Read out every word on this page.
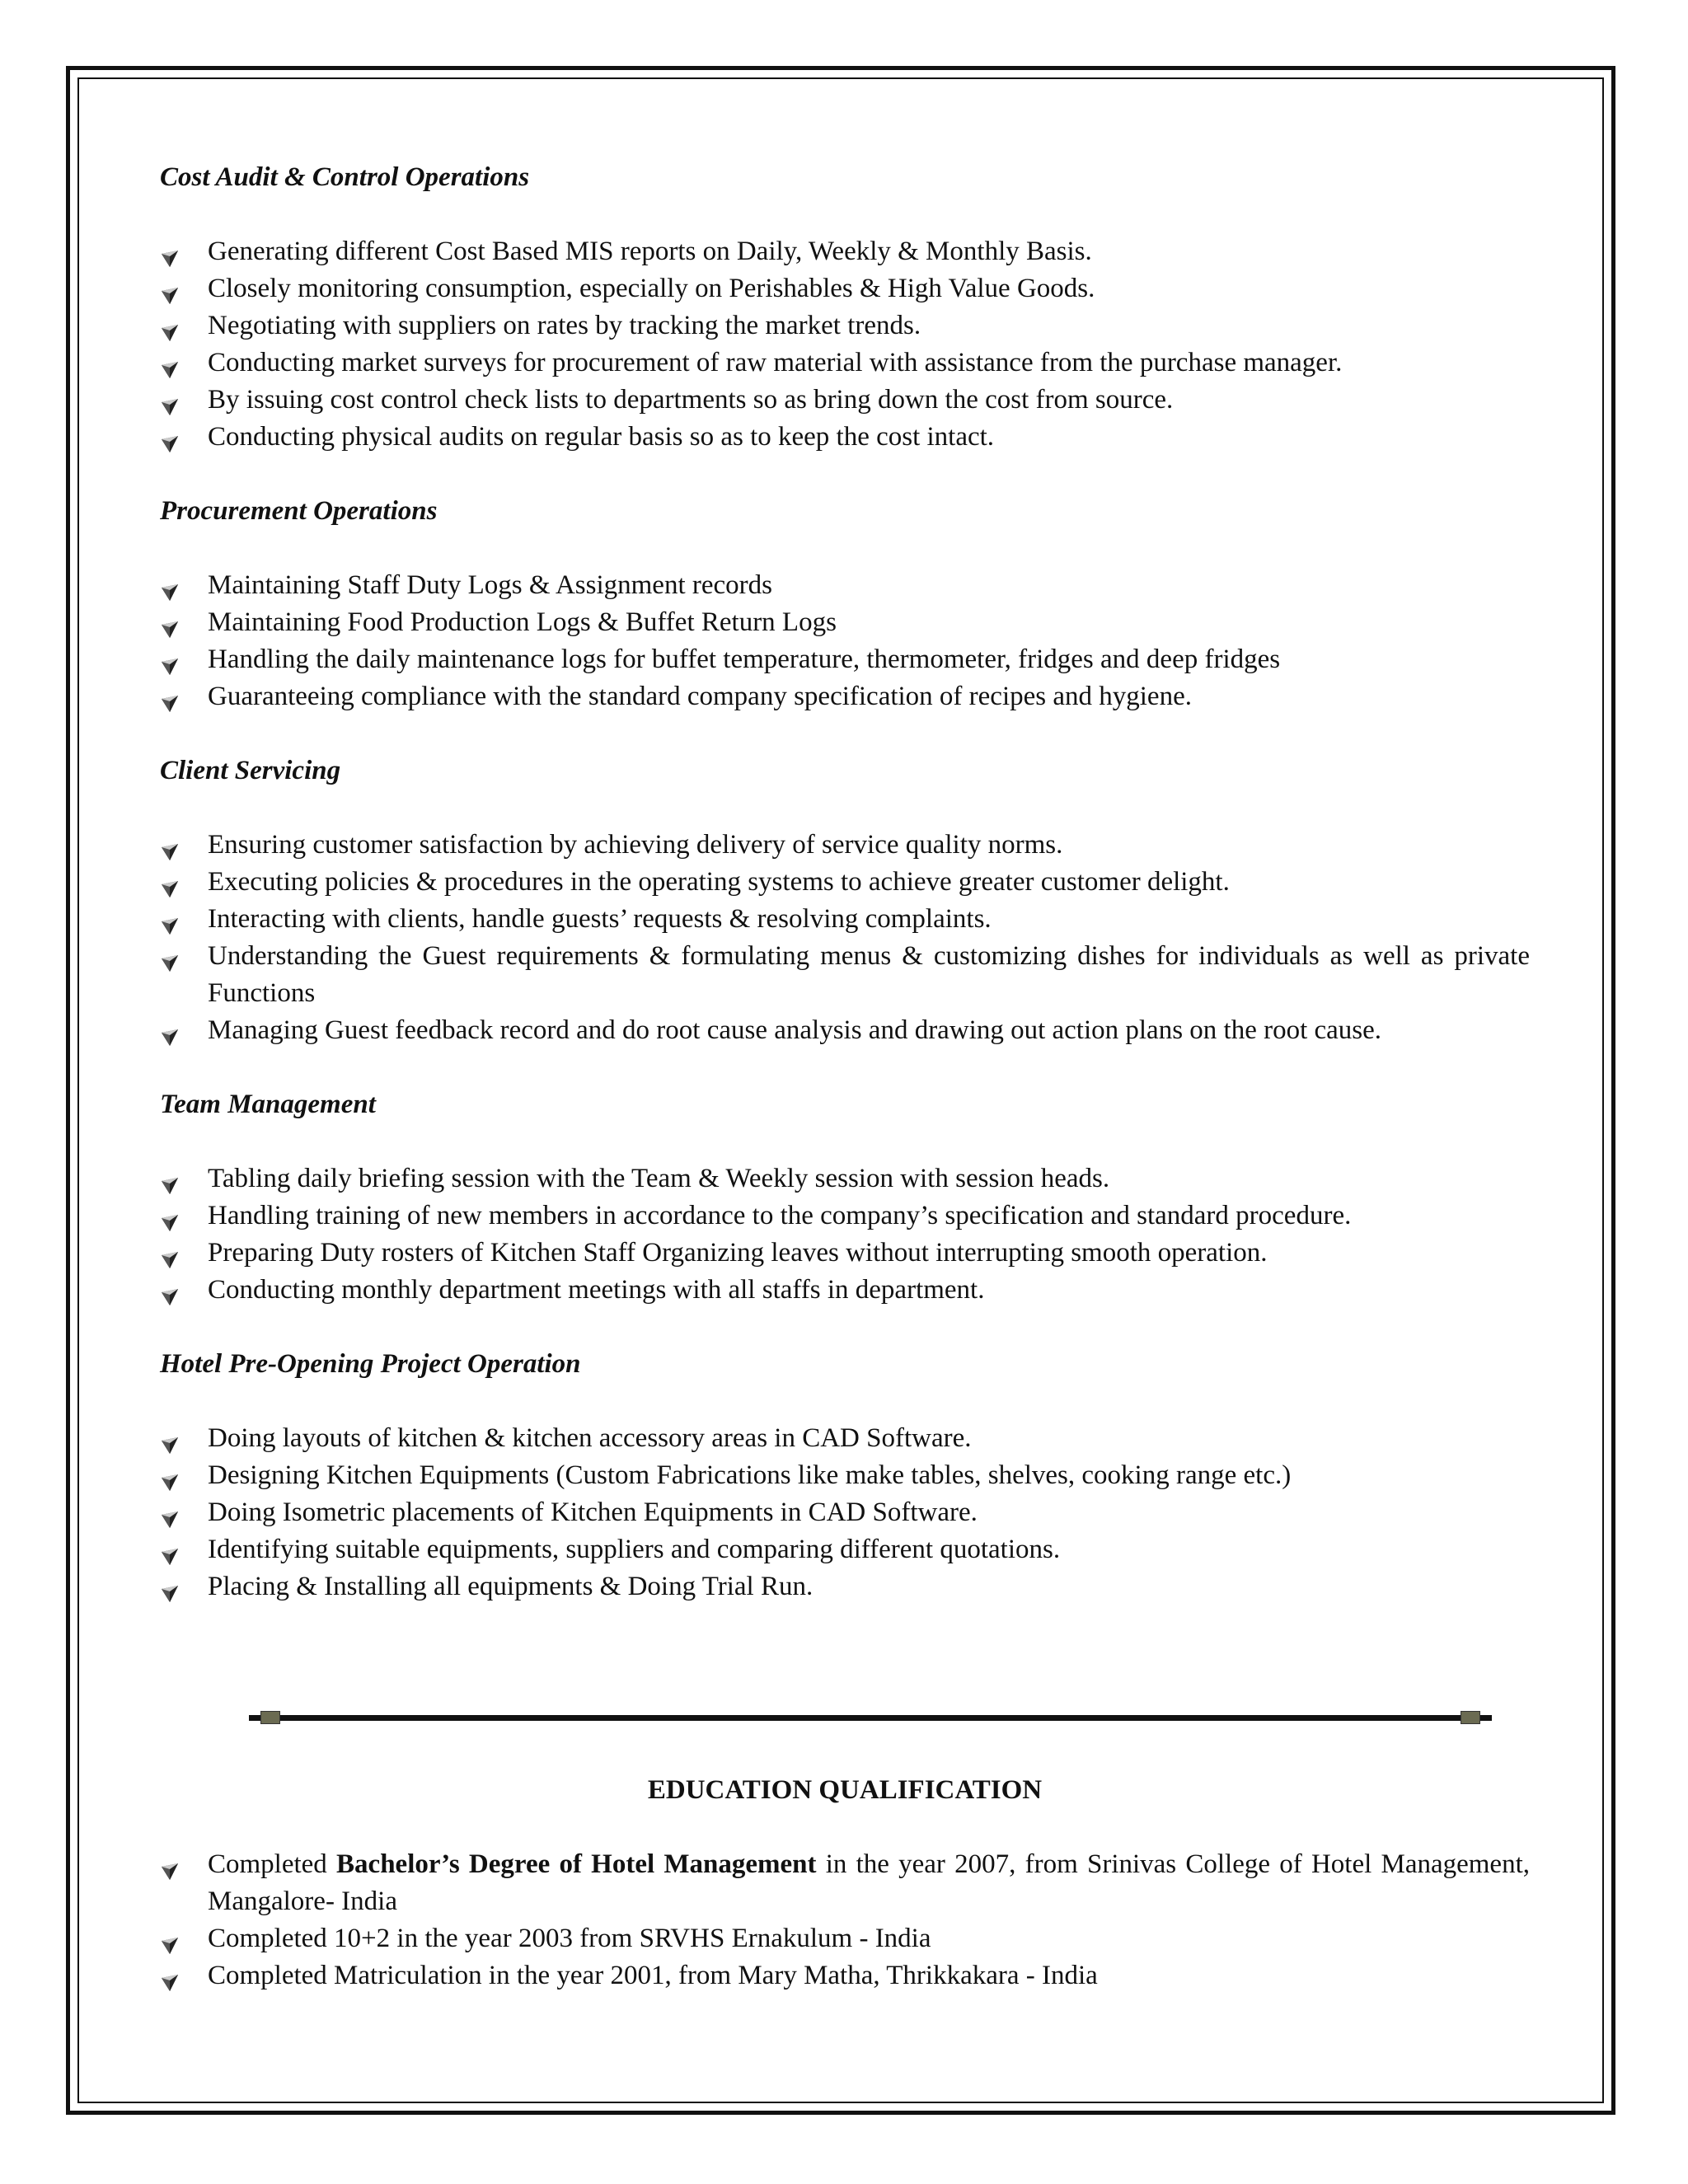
Cost Audit & Control Operations
Generating different Cost Based MIS reports on Daily, Weekly & Monthly Basis.
Closely monitoring consumption, especially on Perishables & High Value Goods.
Negotiating with suppliers on rates by tracking the market trends.
Conducting market surveys for procurement of raw material with assistance from the purchase manager.
By issuing cost control check lists to departments so as bring down the cost from source.
Conducting physical audits on regular basis so as to keep the cost intact.
Procurement Operations
Maintaining Staff Duty Logs & Assignment records
Maintaining Food Production Logs & Buffet Return Logs
Handling the daily maintenance logs for buffet temperature, thermometer, fridges and deep fridges
Guaranteeing compliance with the standard company specification of recipes and hygiene.
Client Servicing
Ensuring customer satisfaction by achieving delivery of service quality norms.
Executing policies & procedures in the operating systems to achieve greater customer delight.
Interacting with clients, handle guests’ requests & resolving complaints.
Understanding the Guest requirements & formulating menus & customizing dishes for individuals as well as private Functions
Managing Guest feedback record and do root cause analysis and drawing out action plans on the root cause.
Team Management
Tabling daily briefing session with the Team & Weekly session with session heads.
Handling training of new members in accordance to the company’s specification and standard procedure.
Preparing Duty rosters of Kitchen Staff Organizing leaves without interrupting smooth operation.
Conducting monthly department meetings with all staffs in department.
Hotel Pre-Opening Project Operation
Doing layouts of kitchen & kitchen accessory areas in CAD Software.
Designing Kitchen Equipments (Custom Fabrications like make tables, shelves, cooking range etc.)
Doing Isometric placements of Kitchen Equipments in CAD Software.
Identifying suitable equipments, suppliers and comparing different quotations.
Placing & Installing all equipments & Doing Trial Run.
EDUCATION QUALIFICATION
Completed Bachelor’s Degree of Hotel Management in the year 2007, from Srinivas College of Hotel Management, Mangalore- India
Completed 10+2 in the year 2003 from SRVHS Ernakulum - India
Completed Matriculation in the year 2001, from Mary Matha, Thrikkakara - India
